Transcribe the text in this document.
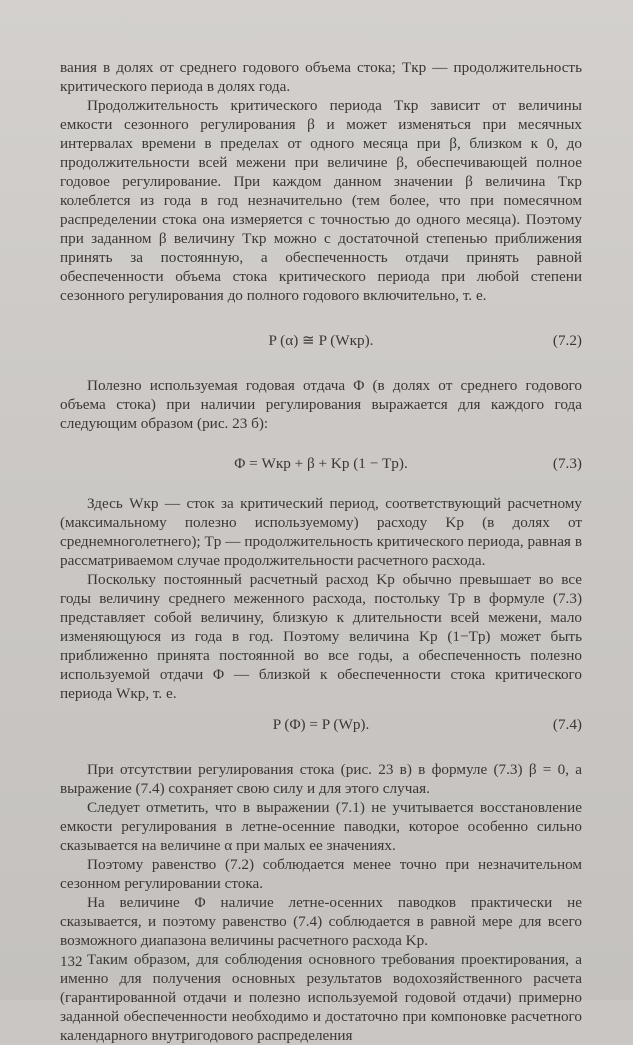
вания в долях от среднего годового объема стока; Tкр — продолжительность критического периода в долях года.

Продолжительность критического периода Tкр зависит от величины емкости сезонного регулирования β и может изменяться при месячных интервалах времени в пределах от одного месяца при β, близком к 0, до продолжительности всей межени при величине β, обеспечивающей полное годовое регулирование. При каждом данном значении β величина Tкр колеблется из года в год незначительно (тем более, что при помесячном распределении стока она измеряется с точностью до одного месяца). Поэтому при заданном β величину Tкр можно с достаточной степенью приближения принять за постоянную, а обеспеченность отдачи принять равной обеспеченности объема стока критического периода при любой степени сезонного регулирования до полного годового включительно, т. е.

P (α) ≅ P (Wкр).	(7.2)

Полезно используемая годовая отдача Φ (в долях от среднего годового объема стока) при наличии регулирования выражается для каждого года следующим образом (рис. 23 б):

Φ = Wкр + β + Kр (1 − Tр).	(7.3)

Здесь Wкр — сток за критический период, соответствующий расчетному (максимальному полезно используемому) расходу Kр (в долях от среднемноголетнего); Tр — продолжительность критического периода, равная в рассматриваемом случае продолжительности расчетного расхода.

Поскольку постоянный расчетный расход Kр обычно превышает во все годы величину среднего меженного расхода, постольку Tр в формуле (7.3) представляет собой величину, близкую к длительности всей межени, мало изменяющуюся из года в год. Поэтому величина Kр (1−Tр) может быть приближенно принята постоянной во все годы, а обеспеченность полезно используемой отдачи Φ — близкой к обеспеченности стока критического периода Wкр, т. е.

P (Φ) = P (Wр).	(7.4)

При отсутствии регулирования стока (рис. 23 в) в формуле (7.3) β = 0, а выражение (7.4) сохраняет свою силу и для этого случая.

Следует отметить, что в выражении (7.1) не учитывается восстановление емкости регулирования в летне-осенние паводки, которое особенно сильно сказывается на величине α при малых ее значениях.

Поэтому равенство (7.2) соблюдается менее точно при незначительном сезонном регулировании стока.

На величине Φ наличие летне-осенних паводков практически не сказывается, и поэтому равенство (7.4) соблюдается в равной мере для всего возможного диапазона величины расчетного расхода Kр.

Таким образом, для соблюдения основного требования проектирования, а именно для получения основных результатов водохозяйственного расчета (гарантированной отдачи и полезно используемой годовой отдачи) примерно заданной обеспеченности необходимо и достаточно при компоновке расчетного календарного внутригодового распределения

132
